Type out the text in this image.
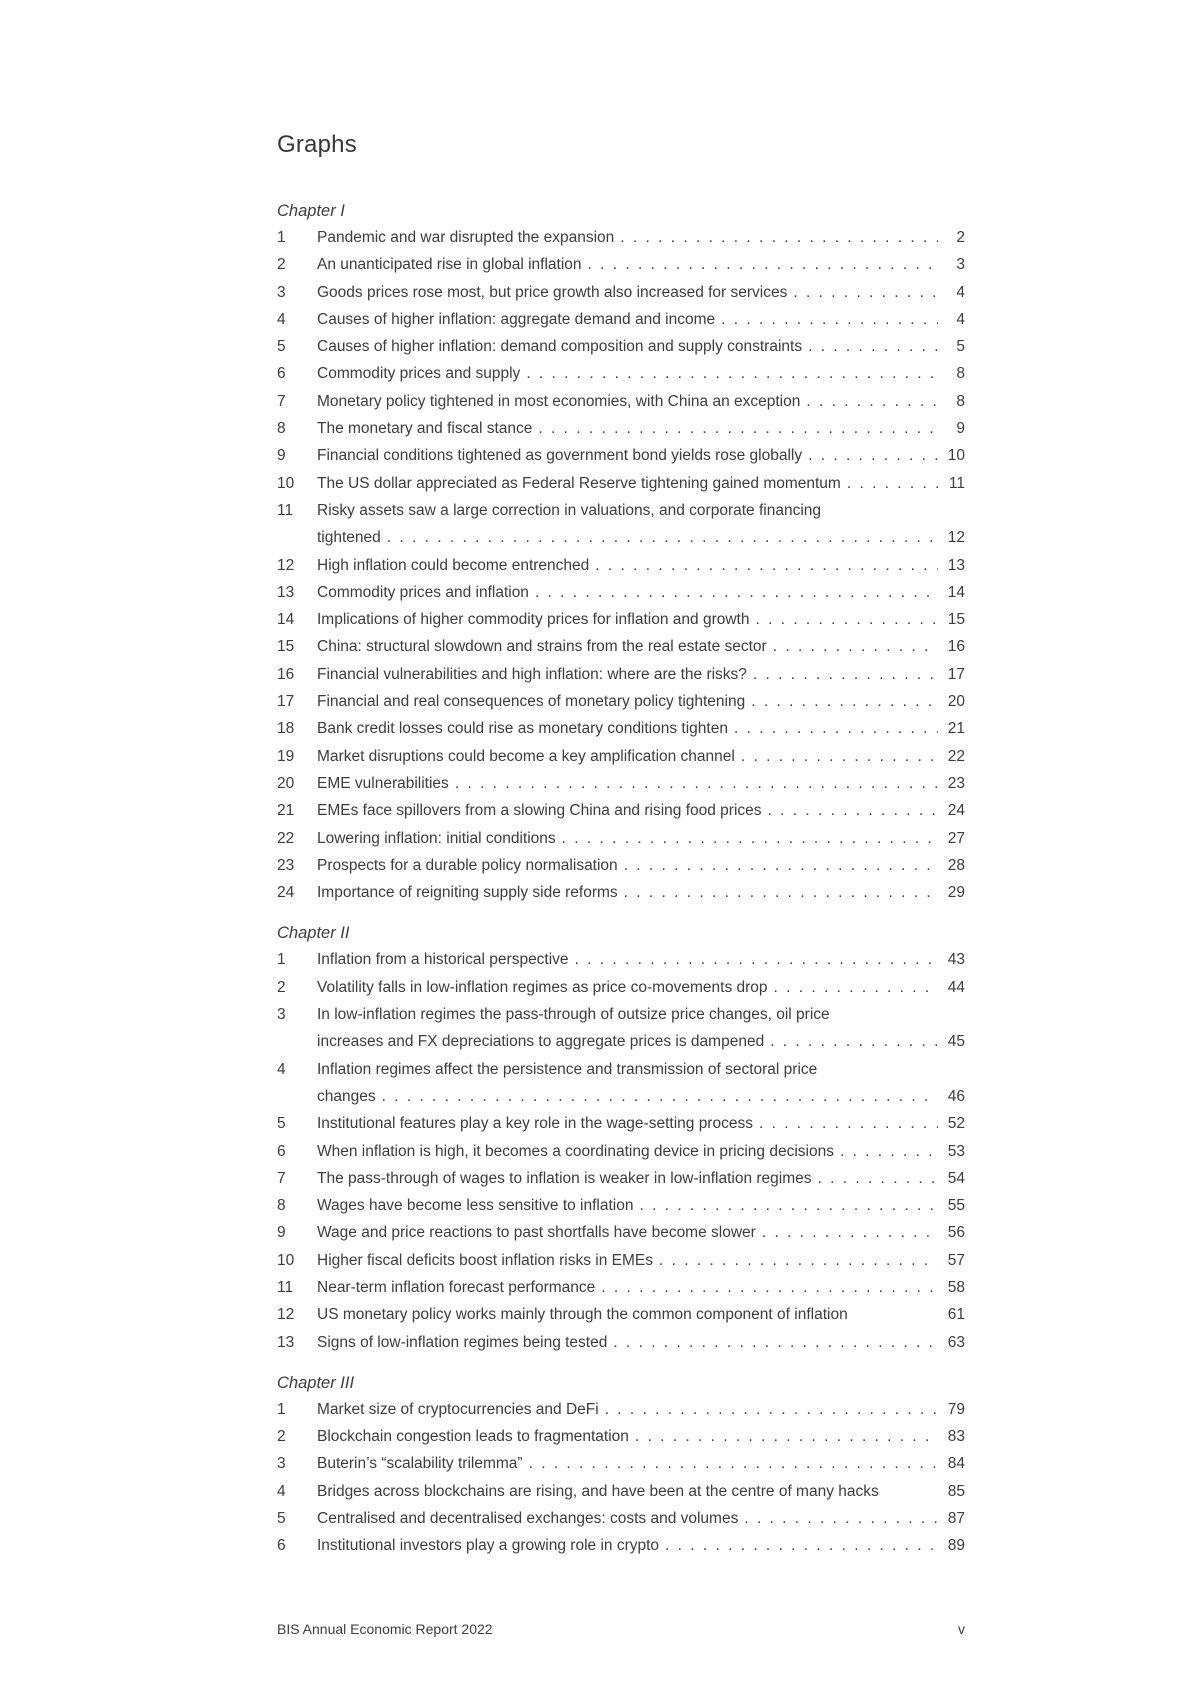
Graphs
Chapter I
1	Pandemic and war disrupted the expansion . . .	2
2	An unanticipated rise in global inflation . . .	3
3	Goods prices rose most, but price growth also increased for services . . .	4
4	Causes of higher inflation: aggregate demand and income . . .	4
5	Causes of higher inflation: demand composition and supply constraints . . .	5
6	Commodity prices and supply . . .	8
7	Monetary policy tightened in most economies, with China an exception . . .	8
8	The monetary and fiscal stance . . .	9
9	Financial conditions tightened as government bond yields rose globally . . .	10
10	The US dollar appreciated as Federal Reserve tightening gained momentum . . .	11
11	Risky assets saw a large correction in valuations, and corporate financing
tightened . . .	12
12	High inflation could become entrenched . . .	13
13	Commodity prices and inflation . . .	14
14	Implications of higher commodity prices for inflation and growth . . .	15
15	China: structural slowdown and strains from the real estate sector . . .	16
16	Financial vulnerabilities and high inflation: where are the risks? . . .	17
17	Financial and real consequences of monetary policy tightening . . .	20
18	Bank credit losses could rise as monetary conditions tighten . . .	21
19	Market disruptions could become a key amplification channel . . .	22
20	EME vulnerabilities . . .	23
21	EMEs face spillovers from a slowing China and rising food prices . . .	24
22	Lowering inflation: initial conditions . . .	27
23	Prospects for a durable policy normalisation . . .	28
24	Importance of reigniting supply side reforms . . .	29
Chapter II
1	Inflation from a historical perspective . . .	43
2	Volatility falls in low-inflation regimes as price co-movements drop . . .	44
3	In low-inflation regimes the pass-through of outsize price changes, oil price
increases and FX depreciations to aggregate prices is dampened . . .	45
4	Inflation regimes affect the persistence and transmission of sectoral price
changes . . .	46
5	Institutional features play a key role in the wage-setting process . . .	52
6	When inflation is high, it becomes a coordinating device in pricing decisions . . .	53
7	The pass-through of wages to inflation is weaker in low-inflation regimes . . .	54
8	Wages have become less sensitive to inflation . . .	55
9	Wage and price reactions to past shortfalls have become slower . . .	56
10	Higher fiscal deficits boost inflation risks in EMEs . . .	57
11	Near-term inflation forecast performance . . .	58
12	US monetary policy works mainly through the common component of inflation	61
13	Signs of low-inflation regimes being tested . . .	63
Chapter III
1	Market size of cryptocurrencies and DeFi . . .	79
2	Blockchain congestion leads to fragmentation . . .	83
3	Buterin’s “scalability trilemma” . . .	84
4	Bridges across blockchains are rising, and have been at the centre of many hacks	85
5	Centralised and decentralised exchanges: costs and volumes . . .	87
6	Institutional investors play a growing role in crypto . . .	89
BIS Annual Economic Report 2022	v
